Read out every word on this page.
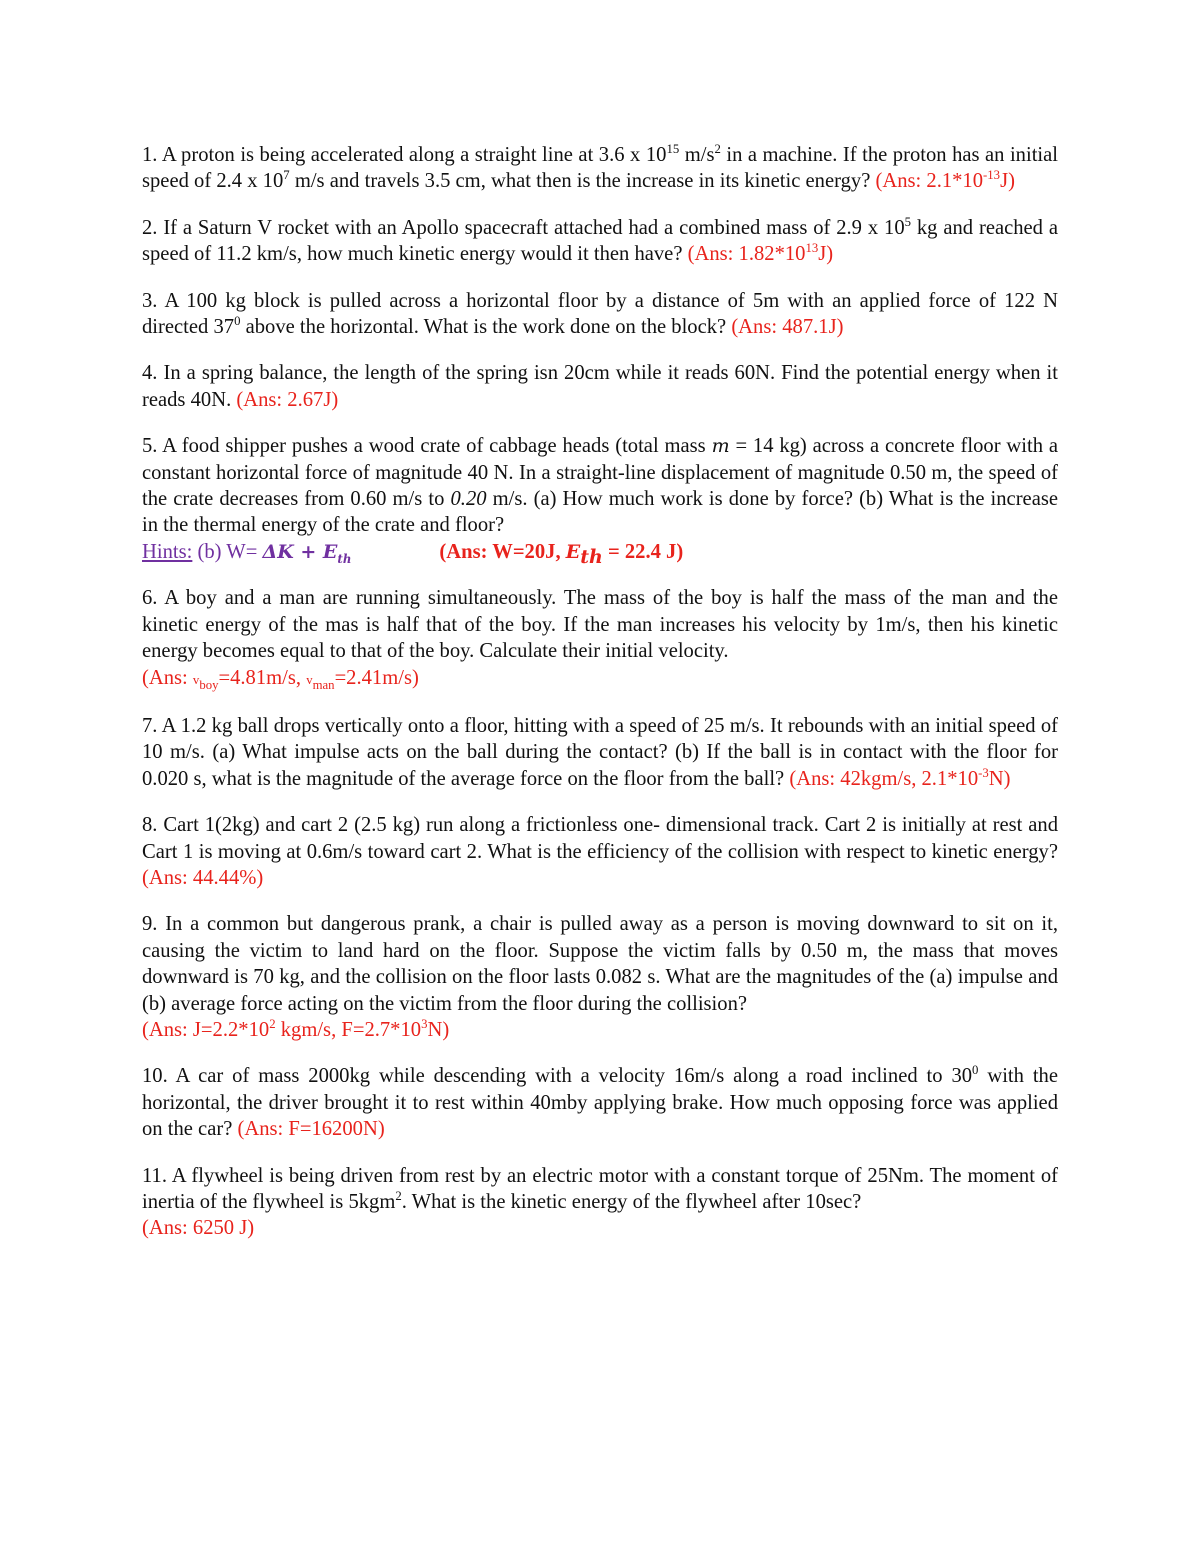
1. A proton is being accelerated along a straight line at 3.6 x $10^{15}$ $m/s^2$ in a machine. If the proton has an initial speed of 2.4 x $10^7$ m/s and travels 3.5 cm, what then is the increase in its kinetic energy? (Ans: $2.1*10^{-13}J$)

2. If a Saturn V rocket with an Apollo spacecraft attached had a combined mass of 2.9 x $10^5$ kg and reached a speed of 11.2 km/s, how much kinetic energy would it then have? (Ans: $1.82*10^{13}J$)

3. A 100 kg block is pulled across a horizontal floor by a distance of 5m with an applied force of 122 N directed $37^0$ above the horizontal. What is the work done on the block? (Ans: 487.1J)

4. In a spring balance, the length of the spring isn 20cm while it reads 60N. Find the potential energy when it reads 40N. (Ans: 2.67J)

5. A food shipper pushes a wood crate of cabbage heads (total mass m = 14 kg) across a concrete floor with a constant horizontal force of magnitude 40 N. In a straight-line displacement of magnitude 0.50 m, the speed of the crate decreases from 0.60 m/s to 0.20 m/s. (a) How much work is done by force? (b) What is the increase in the thermal energy of the crate and floor?
Hints: (b) $W= \Delta K + E_{th}$	(Ans: W=20J, $E_{th} = 22.4$ J)

6. A boy and a man are running simultaneously. The mass of the boy is half the mass of the man and the kinetic energy of the mas is half that of the boy. If the man increases his velocity by 1m/s, then his kinetic energy becomes equal to that of the boy. Calculate their initial velocity.
(Ans: $v_{boy}=4.81m/s$, $v_{man}=2.41m/s$)

7. A 1.2 kg ball drops vertically onto a floor, hitting with a speed of 25 m/s. It rebounds with an initial speed of 10 m/s. (a) What impulse acts on the ball during the contact? (b) If the ball is in contact with the floor for 0.020 s, what is the magnitude of the average force on the floor from the ball? (Ans: 42kgm/s, $2.1*10^{-3}N$)

8. Cart 1(2kg) and cart 2 (2.5 kg) run along a frictionless one- dimensional track. Cart 2 is initially at rest and Cart 1 is moving at 0.6m/s toward cart 2. What is the efficiency of the collision with respect to kinetic energy? (Ans: 44.44%)

9. In a common but dangerous prank, a chair is pulled away as a person is moving downward to sit on it, causing the victim to land hard on the floor. Suppose the victim falls by 0.50 m, the mass that moves downward is 70 kg, and the collision on the floor lasts 0.082 s. What are the magnitudes of the (a) impulse and (b) average force acting on the victim from the floor during the collision?
(Ans: $J=2.2*10^2$ kgm/s, $F=2.7*10^3N$)

10. A car of mass 2000kg while descending with a velocity 16m/s along a road inclined to $30^0$ with the horizontal, the driver brought it to rest within 40mby applying brake. How much opposing force was applied on the car? (Ans: F=16200N)

11. A flywheel is being driven from rest by an electric motor with a constant torque of 25Nm. The moment of inertia of the flywheel is 5kgm$^2$. What is the kinetic energy of the flywheel after 10sec?
(Ans: 6250 J)
